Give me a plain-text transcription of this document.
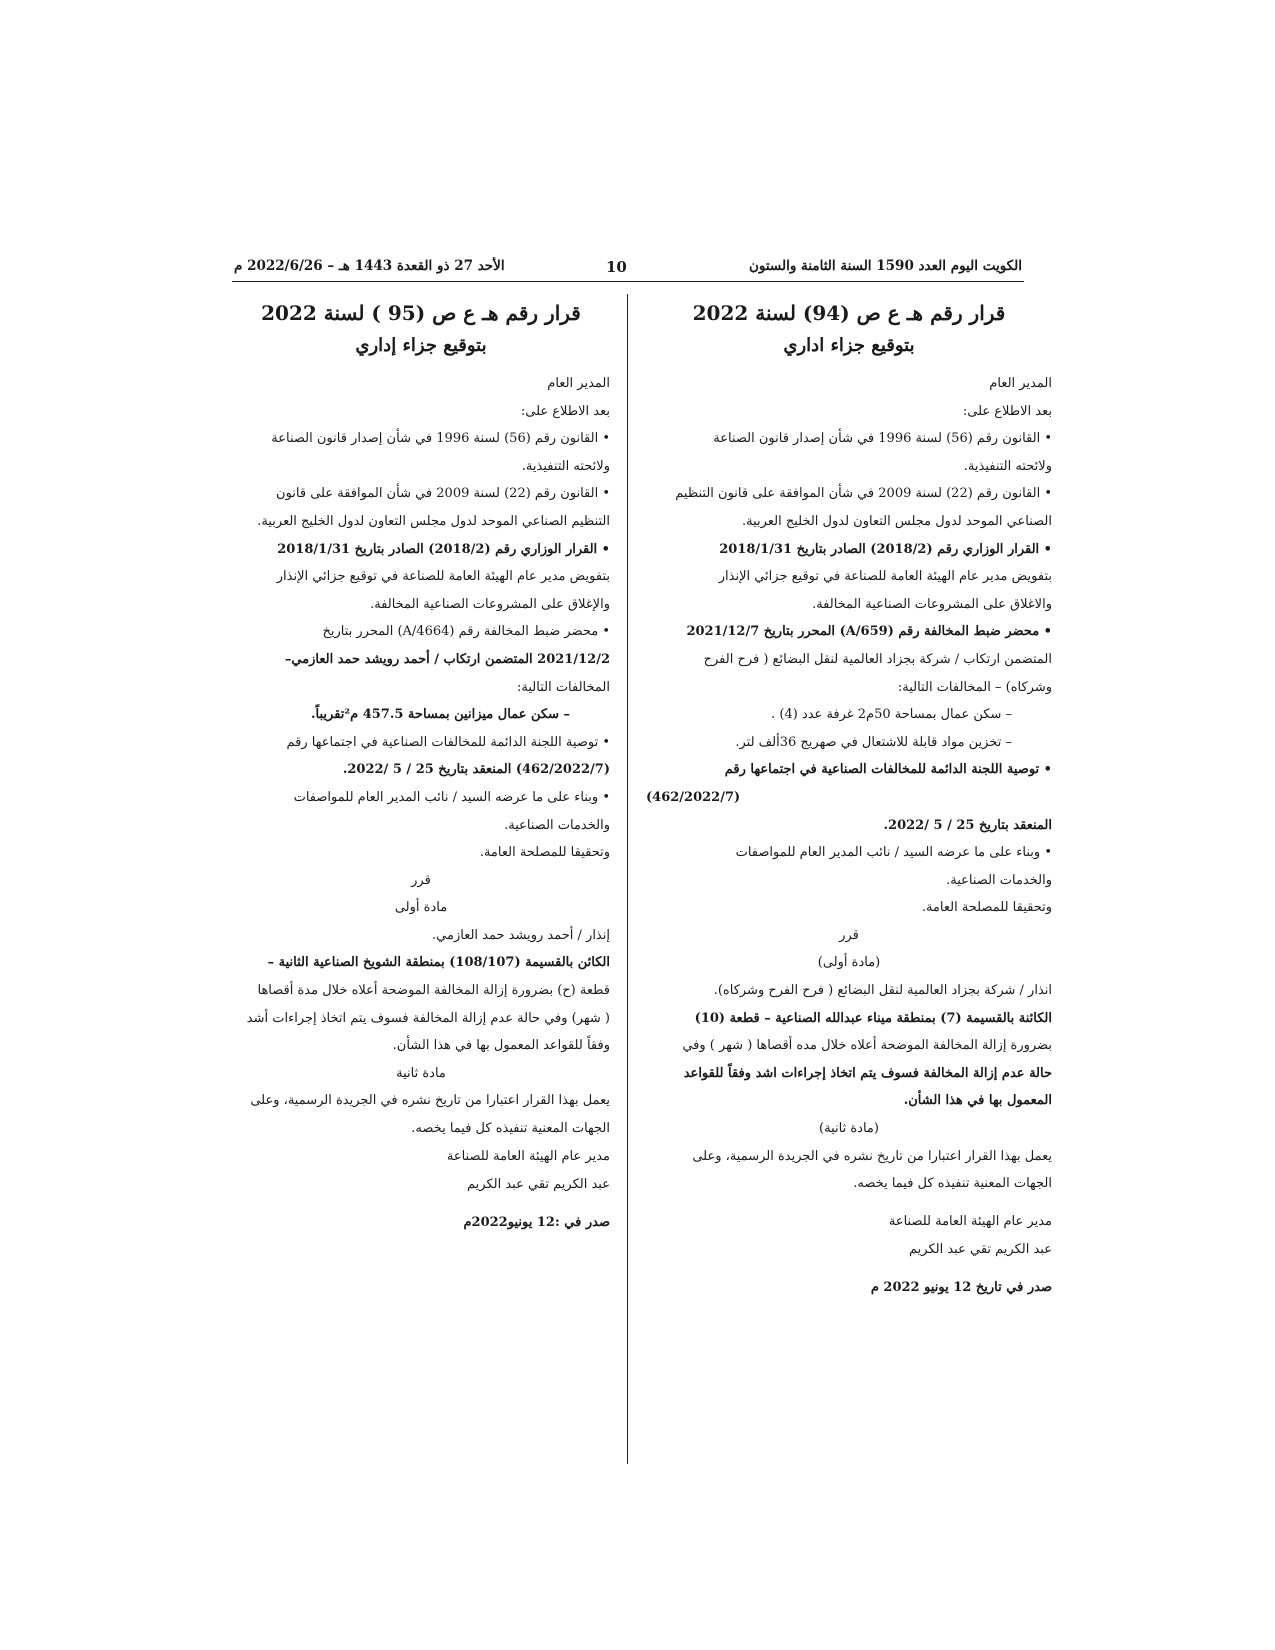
الكويت اليوم العدد 1590 السنة الثامنة والستون
10
الأحد 27 ذو القعدة 1443 هـ – 2022/6/26 م
قرار رقم هـ ع ص (94) لسنة 2022
بتوقيع جزاء اداري
المدير العام
بعد الاطلاع على:
• القانون رقم (56) لسنة 1996 في شأن إصدار قانون الصناعة
ولائحته التنفيذية.
• القانون رقم (22) لسنة 2009 في شأن الموافقة على قانون التنظيم
الصناعي الموحد لدول مجلس التعاون لدول الخليج العربية.
• القرار الوزاري رقم (2018/2) الصادر بتاريخ 2018/1/31
بتفويض مدير عام الهيئة العامة للصناعة في توقيع جزائي الإنذار
والاغلاق على المشروعات الصناعية المخالفة.
• محضر ضبط المخالفة رقم (A/659) المحرر بتاريخ 2021/12/7
المتضمن ارتكاب / شركة بجزاد العالمية لنقل البضائع ( فرح الفرح
وشركاه) – المخالفات التالية:
– سكن عمال بمساحة 50م2 غرفة عدد (4) .
– تخزين مواد قابلة للاشتعال في صهريج 36ألف لتر.
• توصية اللجنة الدائمة للمخالفات الصناعية في اجتماعها رقم
(462/2022/7)
المنعقد بتاريخ 25 / 5 /2022.
• وبناء على ما عرضه السيد / نائب المدير العام للمواصفات
والخدمات الصناعية.
وتحقيقا للمصلحة العامة.
قرر
(مادة أولى)
انذار / شركة بجزاد العالمية لنقل البضائع ( فرح الفرح وشركاه).
الكائنة بالقسيمة (7) بمنطقة ميناء عبدالله الصناعية – قطعة (10)
بضرورة إزالة المخالفة الموضحة أعلاه خلال مده أقصاها ( شهر ) وفي
حالة عدم إزالة المخالفة فسوف يتم اتخاذ إجراءات اشد وفقاً للقواعد
المعمول بها في هذا الشأن.
(مادة ثانية)
يعمل بهذا القرار اعتبارا من تاريخ نشره في الجريدة الرسمية، وعلى
الجهات المعنية تنفيذه كل فيما يخصه.
مدير عام الهيئة العامة للصناعة
عبد الكريم تقي عبد الكريم
صدر في تاريخ 12 يونيو 2022 م
قرار رقم هـ ع ص (95 ) لسنة 2022
بتوقيع جزاء إداري
المدير العام
بعد الاطلاع على:
• القانون رقم (56) لسنة 1996 في شأن إصدار قانون الصناعة
ولائحته التنفيذية.
• القانون رقم (22) لسنة 2009 في شأن الموافقة على قانون
التنظيم الصناعي الموحد لدول مجلس التعاون لدول الخليج العربية.
• القرار الوزاري رقم (2018/2) الصادر بتاريخ 2018/1/31
بتفويض مدير عام الهيئة العامة للصناعة في توقيع جزائي الإنذار
والإغلاق على المشروعات الصناعية المخالفة.
• محضر ضبط المخالفة رقم (A/4664) المحرر بتاريخ
2021/12/2 المتضمن ارتكاب / أحمد رويشد حمد العازمي–
المخالفات التالية:
– سكن عمال ميزانين بمساحة 457.5 م²تقريباً.
• توصية اللجنة الدائمة للمخالفات الصناعية في اجتماعها رقم
(462/2022/7) المنعقد بتاريخ 25 / 5 /2022.
• وبناء على ما عرضه السيد / نائب المدير العام للمواصفات
والخدمات الصناعية.
وتحقيقا للمصلحة العامة.
قرر
مادة أولى
إنذار / أحمد رويشد حمد العازمي.
الكائن بالقسيمة (108/107) بمنطقة الشويخ الصناعية الثانية –
قطعة (ح) بضرورة إزالة المخالفة الموضحة أعلاه خلال مدة أقصاها
( شهر) وفي حالة عدم إزالة المخالفة فسوف يتم اتخاذ إجراءات أشد
وفقاً للقواعد المعمول بها في هذا الشأن.
مادة ثانية
يعمل بهذا القرار اعتبارا من تاريخ نشره في الجريدة الرسمية، وعلى
الجهات المعنية تنفيذه كل فيما يخصه.
مدير عام الهيئة العامة للصناعة
عبد الكريم تقي عبد الكريم
صدر في :12 يونيو2022م
